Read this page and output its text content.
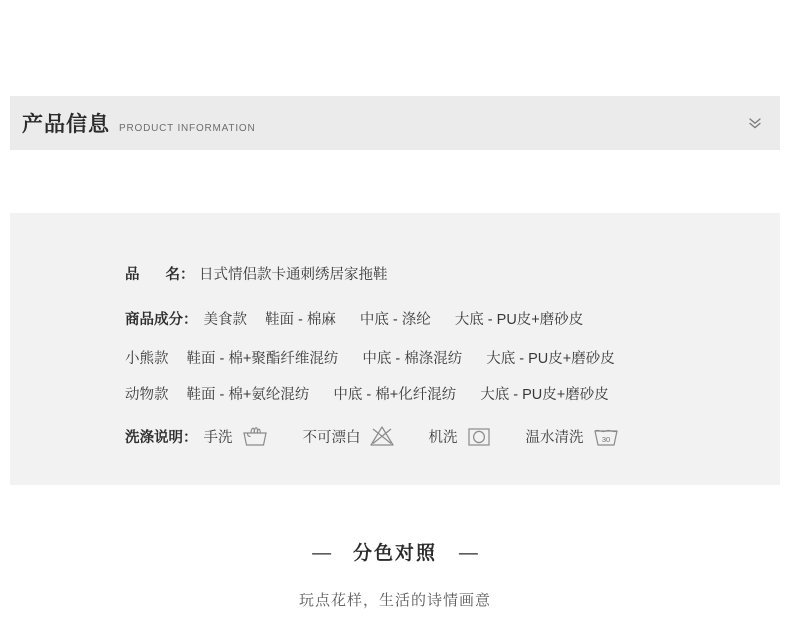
产品信息 PRODUCT INFORMATION
品 名： 日式情侣款卡通刺绣居家拖鞋
商品成分： 美食款 鞋面 - 棉麻 中底 - 涤纶 大底 - PU皮+磨砂皮
小熊款 鞋面 - 棉+聚酯纤维混纺 中底 - 棉涤混纺 大底 - PU皮+磨砂皮
动物款 鞋面 - 棉+氨纶混纺 中底 - 棉+化纤混纺 大底 - PU皮+磨砂皮
洗涤说明： 手洗	不可漂白	机洗	温水清洗 30
— 分色对照 —
玩点花样，生活的诗情画意
